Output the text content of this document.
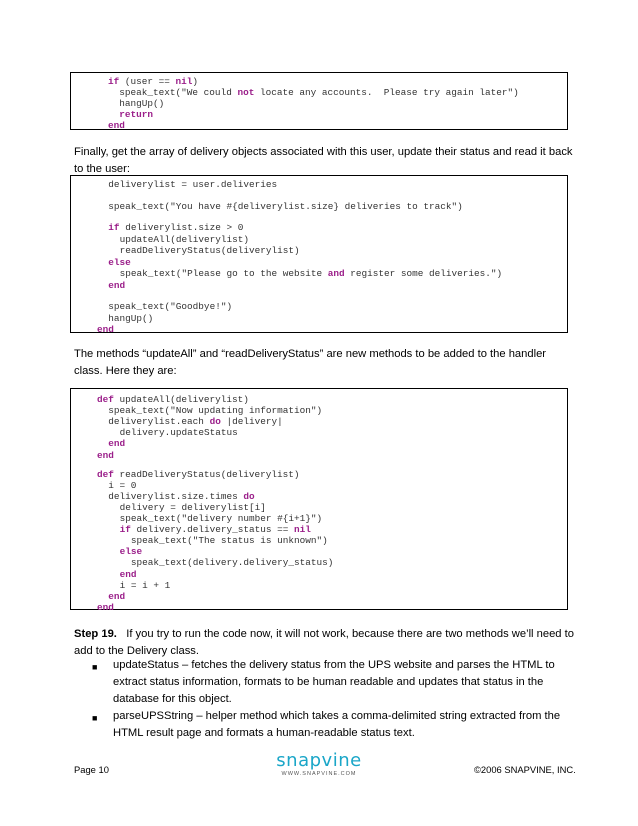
if (user == nil)
speak_text("We could not locate any accounts.  Please try again later")
hangUp()
return
end
Finally, get the array of delivery objects associated with this user, update their status and read it back to the user:
deliverylist = user.deliveries
speak_text("You have #{deliverylist.size} deliveries to track")
if deliverylist.size > 0
updateAll(deliverylist)
readDeliveryStatus(deliverylist)
else
speak_text("Please go to the website and register some deliveries.")
end
speak_text("Goodbye!")
hangUp()
end
The methods “updateAll” and “readDeliveryStatus” are new methods to be added to the handler class. Here they are:
def updateAll(deliverylist)
speak_text("Now updating information")
deliverylist.each do |delivery|
delivery.updateStatus
end
end
def readDeliveryStatus(deliverylist)
i = 0
deliverylist.size.times do
delivery = deliverylist[i]
speak_text("delivery number #{i+1}")
if delivery.delivery_status == nil
speak_text("The status is unknown")
else
speak_text(delivery.delivery_status)
end
i = i + 1
end
end
Step 19. If you try to run the code now, it will not work, because there are two methods we’ll need to add to the Delivery class.
■ updateStatus – fetches the delivery status from the UPS website and parses the HTML to extract status information, formats to be human readable and updates that status in the database for this object.
■ parseUPSString – helper method which takes a comma-delimited string extracted from the HTML result page and formats a human-readable status text.
Page 10	snapvine
WWW.SNAPVINE.COM	©2006 SNAPVINE, INC.
